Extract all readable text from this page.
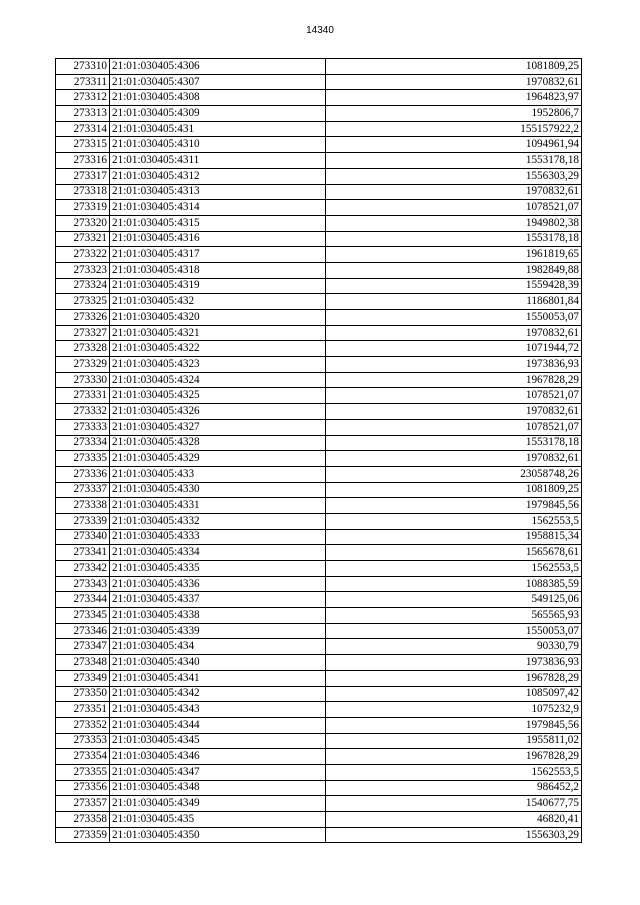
14340
273310	21:01:030405:4306	1081809,25
273311	21:01:030405:4307	1970832,61
273312	21:01:030405:4308	1964823,97
273313	21:01:030405:4309	1952806,7
273314	21:01:030405:431	155157922,2
273315	21:01:030405:4310	1094961,94
273316	21:01:030405:4311	1553178,18
273317	21:01:030405:4312	1556303,29
273318	21:01:030405:4313	1970832,61
273319	21:01:030405:4314	1078521,07
273320	21:01:030405:4315	1949802,38
273321	21:01:030405:4316	1553178,18
273322	21:01:030405:4317	1961819,65
273323	21:01:030405:4318	1982849,88
273324	21:01:030405:4319	1559428,39
273325	21:01:030405:432	1186801,84
273326	21:01:030405:4320	1550053,07
273327	21:01:030405:4321	1970832,61
273328	21:01:030405:4322	1071944,72
273329	21:01:030405:4323	1973836,93
273330	21:01:030405:4324	1967828,29
273331	21:01:030405:4325	1078521,07
273332	21:01:030405:4326	1970832,61
273333	21:01:030405:4327	1078521,07
273334	21:01:030405:4328	1553178,18
273335	21:01:030405:4329	1970832,61
273336	21:01:030405:433	23058748,26
273337	21:01:030405:4330	1081809,25
273338	21:01:030405:4331	1979845,56
273339	21:01:030405:4332	1562553,5
273340	21:01:030405:4333	1958815,34
273341	21:01:030405:4334	1565678,61
273342	21:01:030405:4335	1562553,5
273343	21:01:030405:4336	1088385,59
273344	21:01:030405:4337	549125,06
273345	21:01:030405:4338	565565,93
273346	21:01:030405:4339	1550053,07
273347	21:01:030405:434	90330,79
273348	21:01:030405:4340	1973836,93
273349	21:01:030405:4341	1967828,29
273350	21:01:030405:4342	1085097,42
273351	21:01:030405:4343	1075232,9
273352	21:01:030405:4344	1979845,56
273353	21:01:030405:4345	1955811,02
273354	21:01:030405:4346	1967828,29
273355	21:01:030405:4347	1562553,5
273356	21:01:030405:4348	986452,2
273357	21:01:030405:4349	1540677,75
273358	21:01:030405:435	46820,41
273359	21:01:030405:4350	1556303,29
